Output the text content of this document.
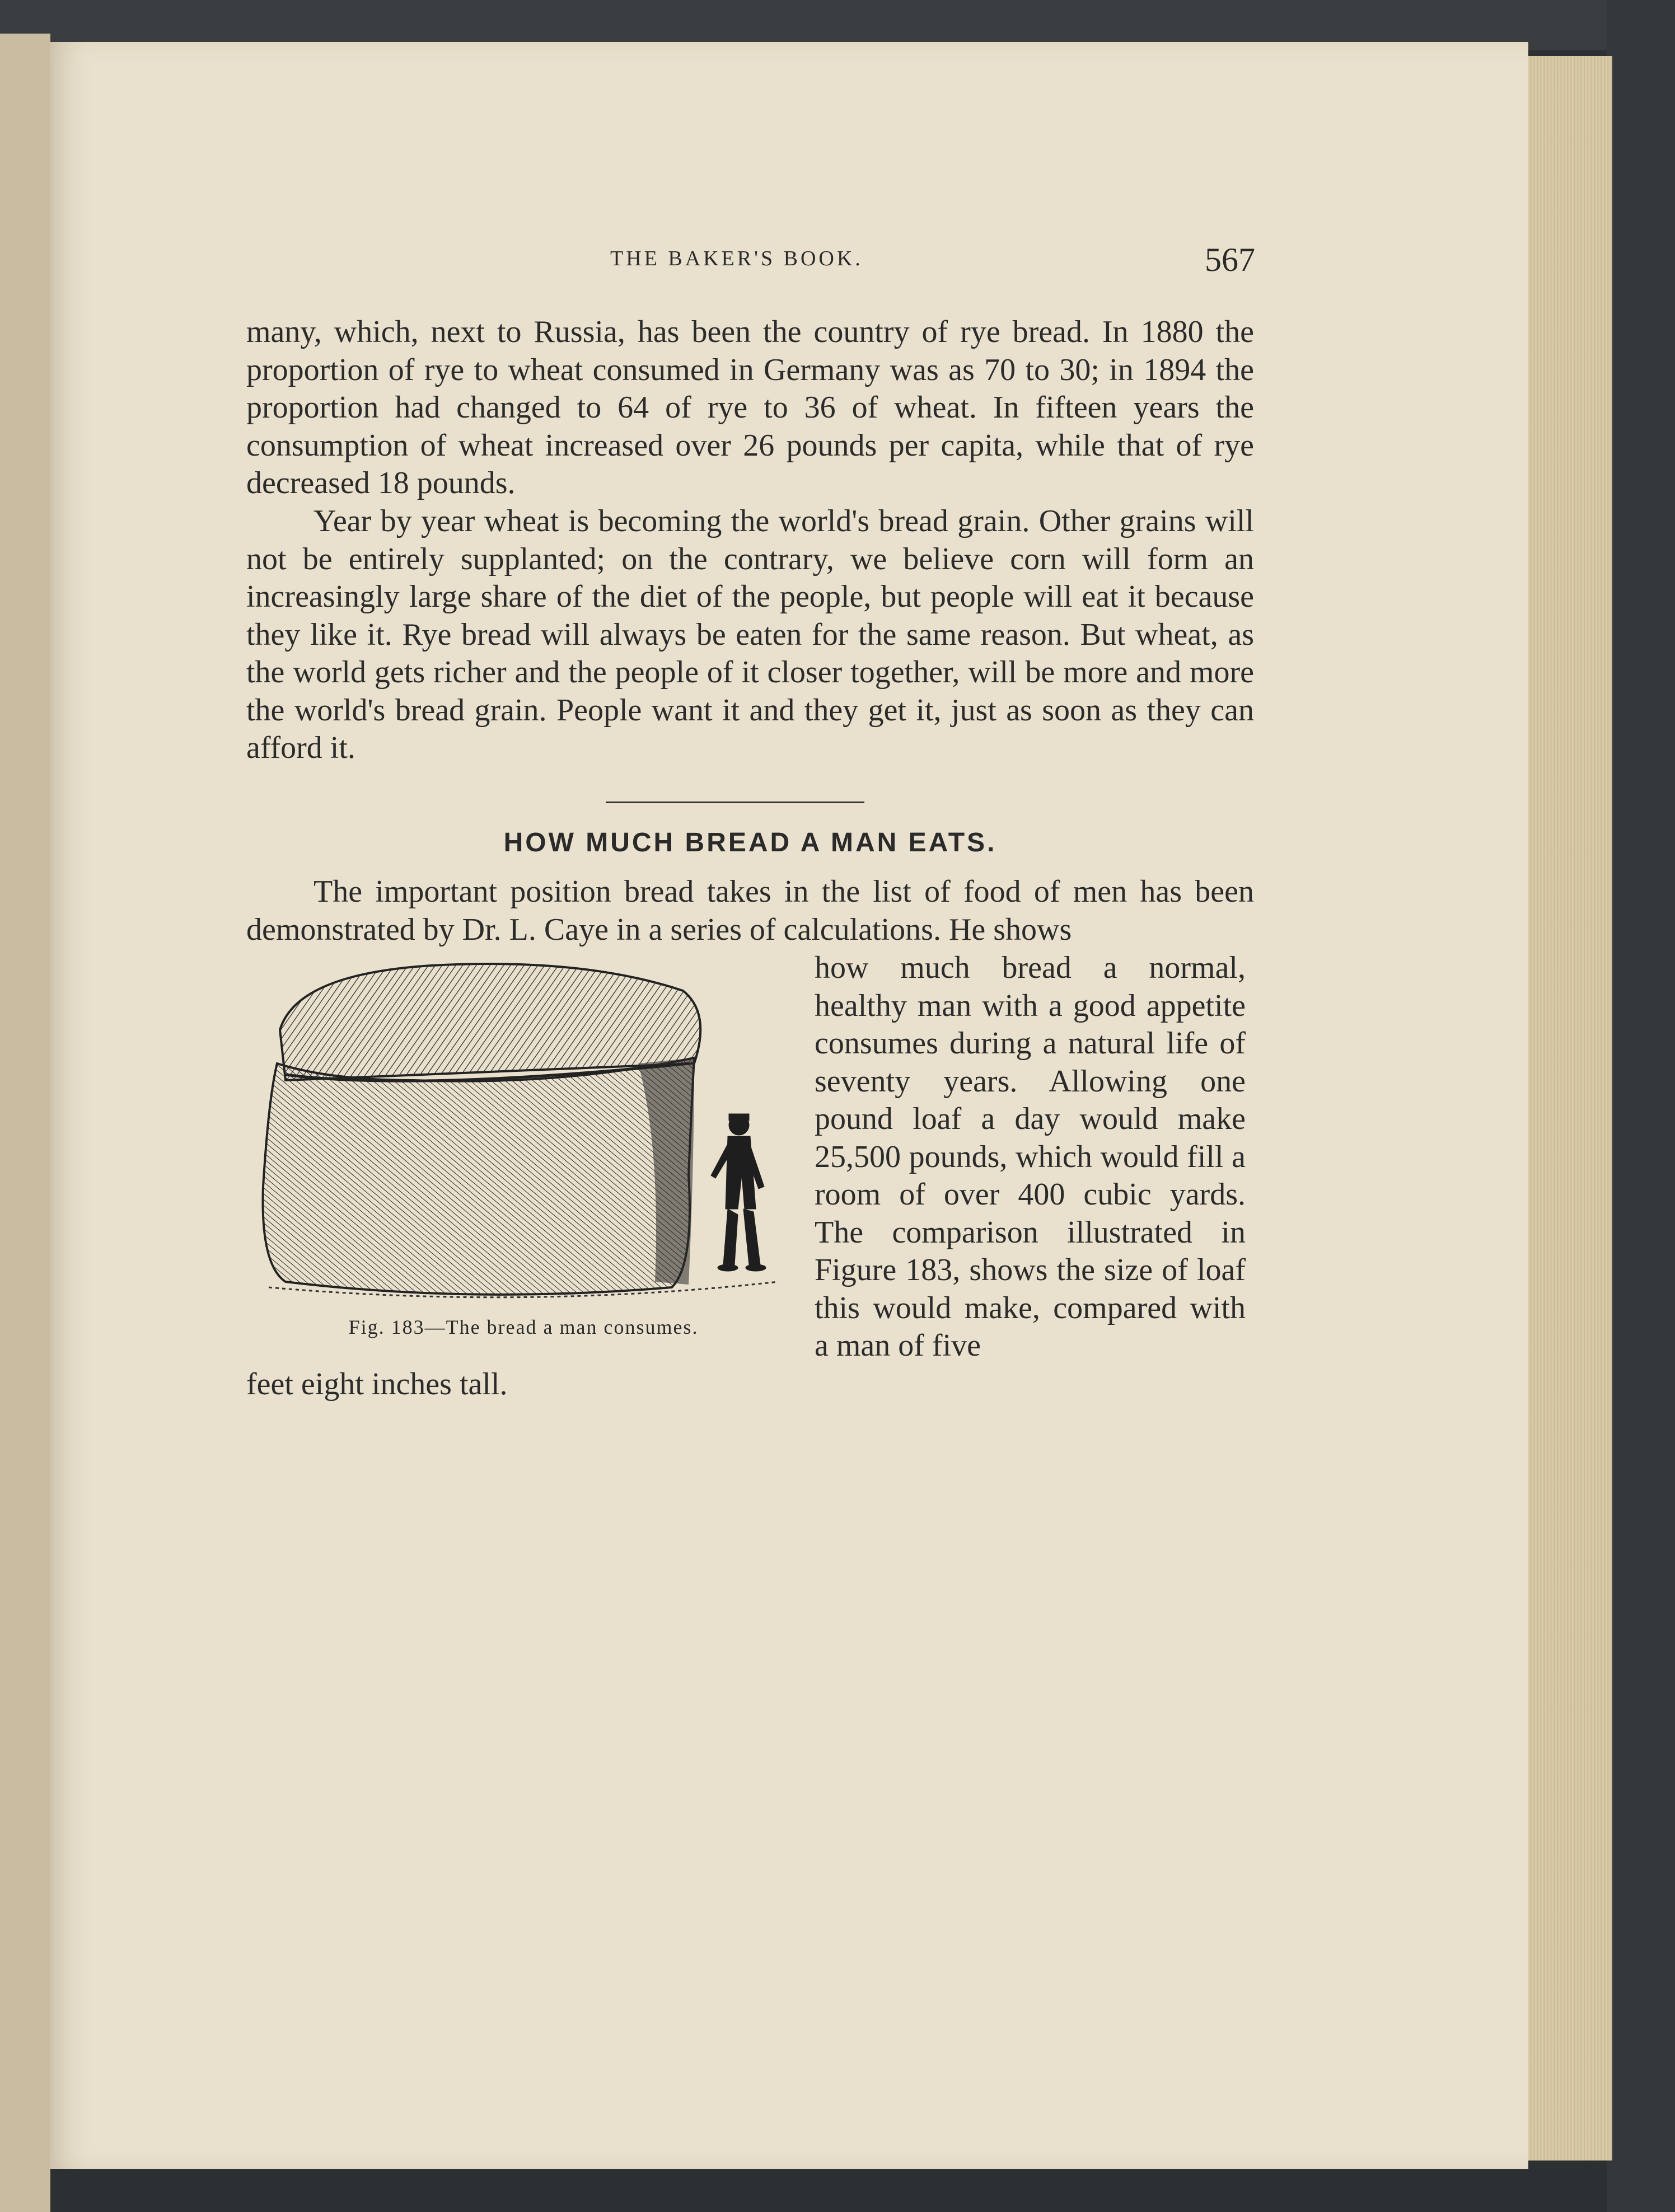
THE BAKER'S BOOK.	567
many, which, next to Russia, has been the country of rye bread. In 1880 the proportion of rye to wheat consumed in Germany was as 70 to 30; in 1894 the proportion had changed to 64 of rye to 36 of wheat. In fifteen years the consumption of wheat increased over 26 pounds per capita, while that of rye decreased 18 pounds.
Year by year wheat is becoming the world's bread grain. Other grains will not be entirely supplanted; on the contrary, we believe corn will form an increasingly large share of the diet of the people, but people will eat it because they like it. Rye bread will always be eaten for the same reason. But wheat, as the world gets richer and the people of it closer together, will be more and more the world's bread grain. People want it and they get it, just as soon as they can afford it.
HOW MUCH BREAD A MAN EATS.
The important position bread takes in the list of food of men has been demonstrated by Dr. L. Caye in a series of calculations. He shows
Fig. 183—The bread a man consumes.
how much bread a normal, healthy man with a good appetite consumes during a natural life of seventy years. Allowing one pound loaf a day would make 25,500 pounds, which would fill a room of over 400 cubic yards. The comparison illustrated in Figure 183, shows the size of loaf this would make, compared with a man of five
feet eight inches tall.
